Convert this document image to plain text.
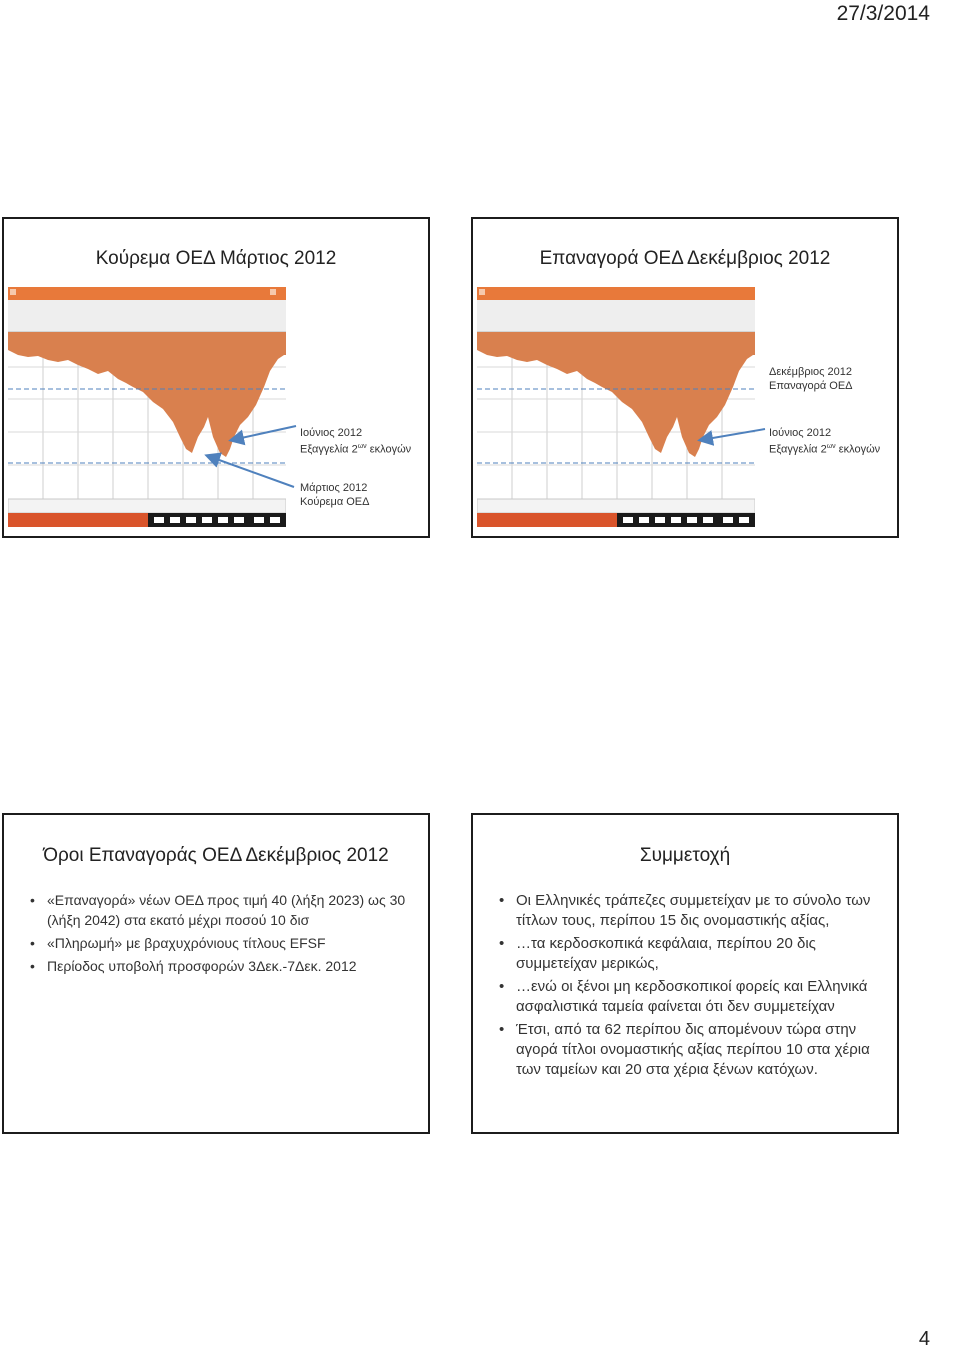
27/3/2014
Κούρεμα ΟΕΔ Μάρτιος 2012
Ιούνιος 2012
Εξαγγελία $2^{\omega\nu}$ εκλογών
Μάρτιος 2012
Κούρεμα ΟΕΔ
Επαναγορά ΟΕΔ Δεκέμβριος 2012
Δεκέμβριος 2012
Επαναγορά ΟΕΔ
Ιούνιος 2012
Εξαγγελία $2^{\omega\nu}$ εκλογών
Όροι Επαναγοράς ΟΕΔ Δεκέμβριος 2012
• «Επαναγορά» νέων ΟΕΔ προς τιμή 40 (λήξη 2023) ως 30 (λήξη 2042) στα εκατό μέχρι ποσού 10 δισ
• «Πληρωμή» με βραχυχρόνιους τίτλους EFSF
• Περίοδος υποβολή προσφορών 3Δεκ.-7Δεκ. 2012
Συμμετοχή
• Οι Ελληνικές τράπεζες συμμετείχαν με το σύνολο των τίτλων τους, περίπου 15 δις ονομαστικής αξίας,
• …τα κερδοσκοπικά κεφάλαια, περίπου 20 δις συμμετείχαν μερικώς,
• …ενώ οι ξένοι μη κερδοσκοπικοί φορείς και Ελληνικά ασφαλιστικά ταμεία φαίνεται ότι δεν συμμετείχαν
• Έτσι, από τα 62 περίπου δις απομένουν τώρα στην αγορά τίτλοι ονομαστικής αξίας περίπου 10 στα χέρια των ταμείων και 20 στα χέρια ξένων κατόχων.
4
